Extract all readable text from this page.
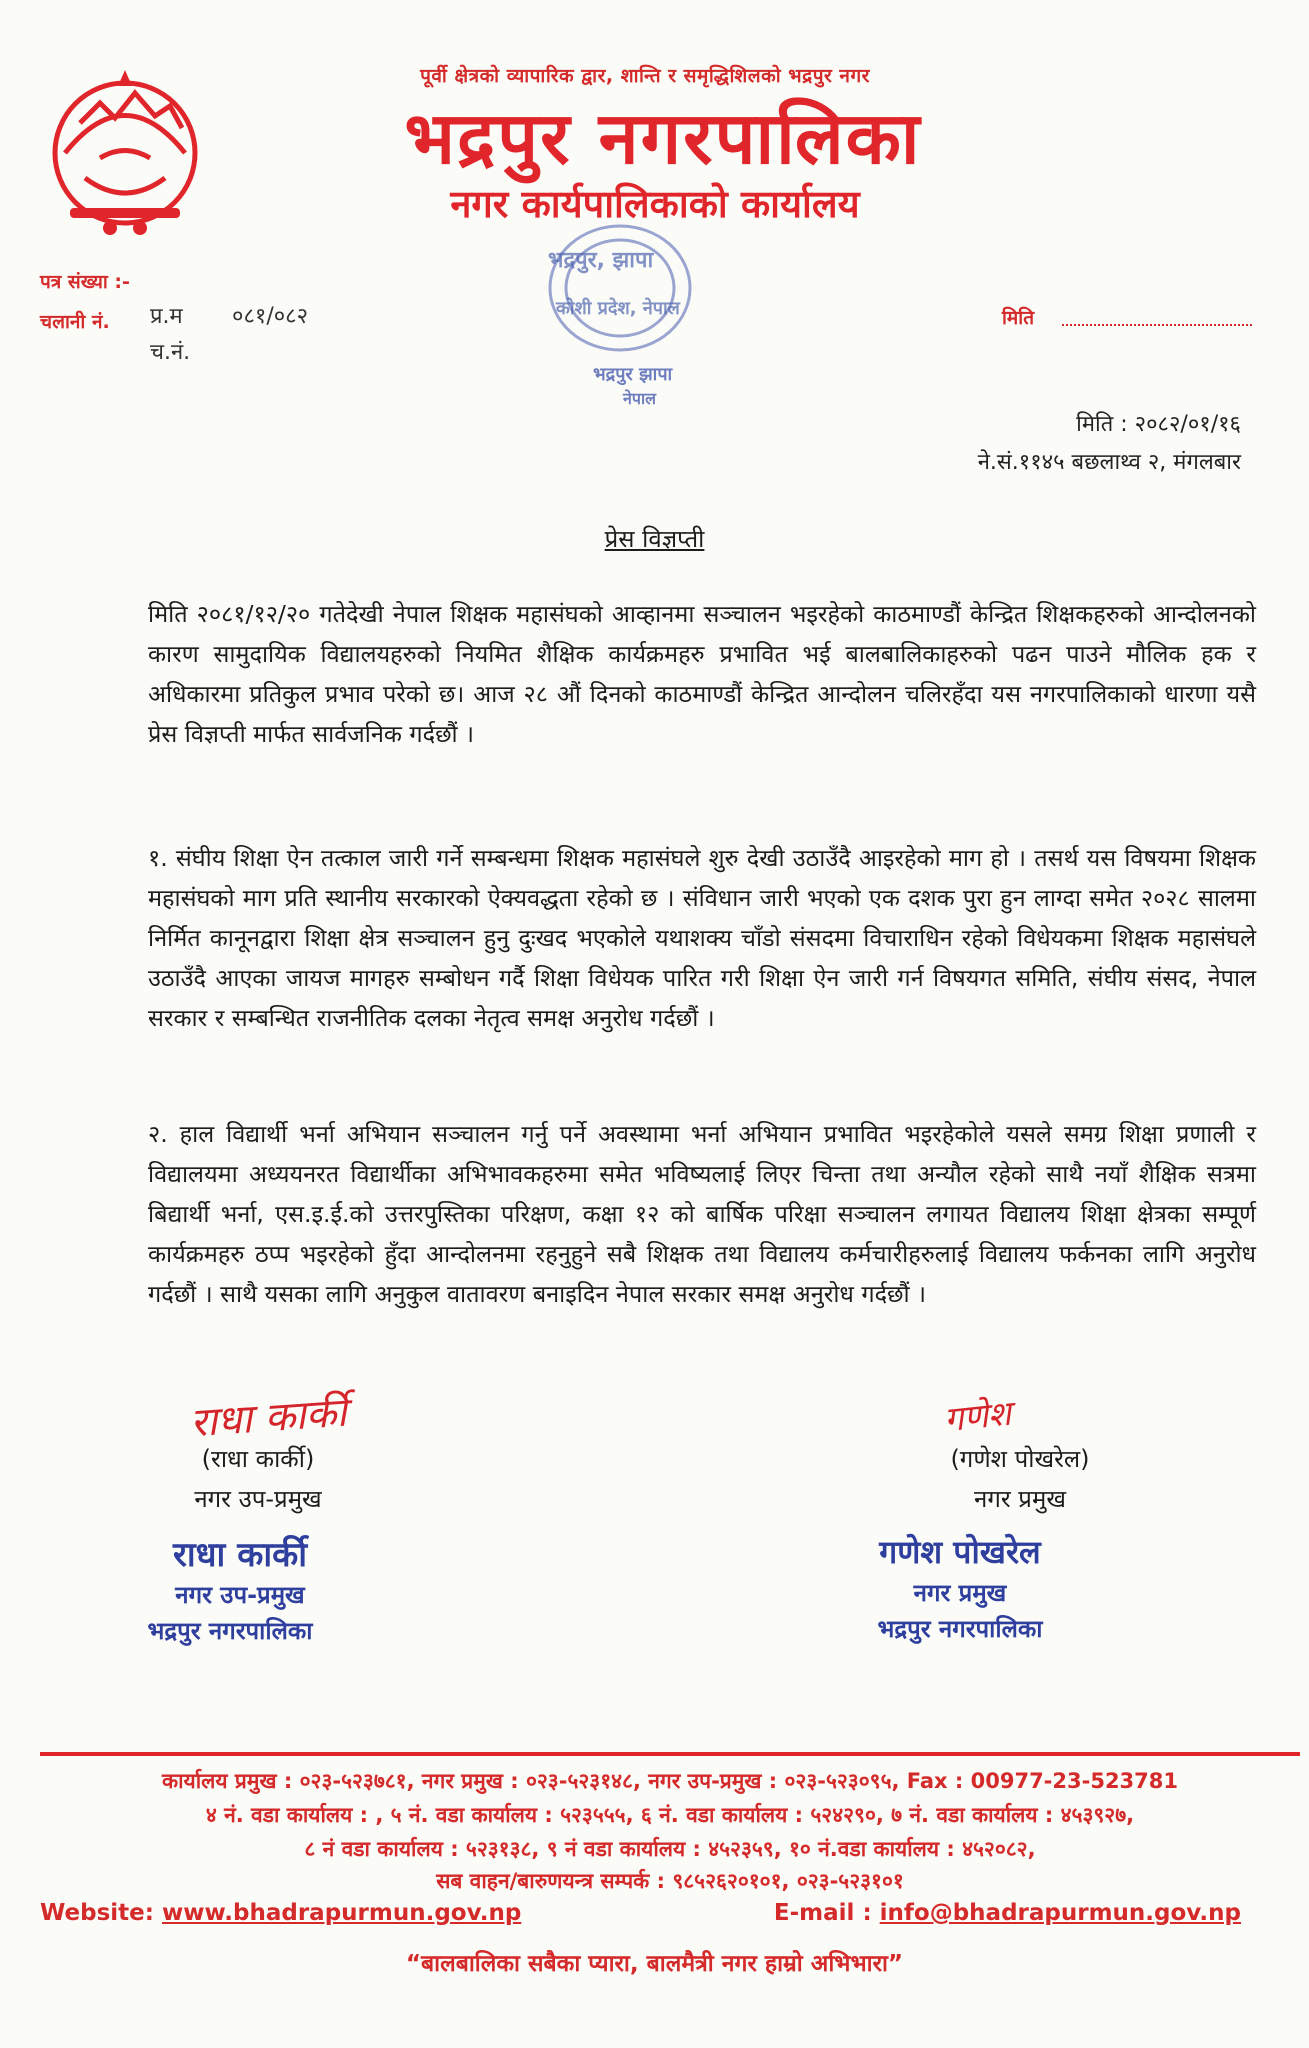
पूर्वी क्षेत्रको व्यापारिक द्वार, शान्ति र समृद्धिशिलको भद्रपुर नगर
भद्रपुर नगरपालिका
नगर कार्यपालिकाको कार्यालय
पत्र संख्या :-
चलानी नं. प्र.म ०८१/०८२
च.नं.
मिति
भद्रपुर, झापा
कोशी प्रदेश, नेपाल
भद्रपुर झापा
नेपाल
मिति : २०८२/०१/१६
ने.सं.११४५ बछलाथ्व २, मंगलबार
प्रेस विज्ञप्ती
मिति २०८१/१२/२० गतेदेखी नेपाल शिक्षक महासंघको आव्हानमा सञ्चालन भइरहेको काठमाण्डौं केन्द्रित शिक्षकहरुको आन्दोलनको कारण सामुदायिक विद्यालयहरुको नियमित शैक्षिक कार्यक्रमहरु प्रभावित भई बालबालिकाहरुको पढन पाउने मौलिक हक र अधिकारमा प्रतिकुल प्रभाव परेको छ। आज २८ औं दिनको काठमाण्डौं केन्द्रित आन्दोलन चलिरहँदा यस नगरपालिकाको धारणा यसै प्रेस विज्ञप्ती मार्फत सार्वजनिक गर्दछौं ।
१. संघीय शिक्षा ऐन तत्काल जारी गर्ने सम्बन्धमा शिक्षक महासंघले शुरु देखी उठाउँदै आइरहेको माग हो । तसर्थ यस विषयमा शिक्षक महासंघको माग प्रति स्थानीय सरकारको ऐक्यवद्धता रहेको छ । संविधान जारी भएको एक दशक पुरा हुन लाग्दा समेत २०२८ सालमा निर्मित कानूनद्वारा शिक्षा क्षेत्र सञ्चालन हुनु दुःखद भएकोले यथाशक्य चाँडो संसदमा विचाराधिन रहेको विधेयकमा शिक्षक महासंघले उठाउँदै आएका जायज मागहरु सम्बोधन गर्दै शिक्षा विधेयक पारित गरी शिक्षा ऐन जारी गर्न विषयगत समिति, संघीय संसद, नेपाल सरकार र सम्बन्धित राजनीतिक दलका नेतृत्व समक्ष अनुरोध गर्दछौं ।
२. हाल विद्यार्थी भर्ना अभियान सञ्चालन गर्नु पर्ने अवस्थामा भर्ना अभियान प्रभावित भइरहेकोले यसले समग्र शिक्षा प्रणाली र विद्यालयमा अध्ययनरत विद्यार्थीका अभिभावकहरुमा समेत भविष्यलाई लिएर चिन्ता तथा अन्यौल रहेको साथै नयाँ शैक्षिक सत्रमा बिद्यार्थी भर्ना, एस.इ.ई.को उत्तरपुस्तिका परिक्षण, कक्षा १२ को बार्षिक परिक्षा सञ्चालन लगायत विद्यालय शिक्षा क्षेत्रका सम्पूर्ण कार्यक्रमहरु ठप्प भइरहेको हुँदा आन्दोलनमा रहनुहुने सबै शिक्षक तथा विद्यालय कर्मचारीहरुलाई विद्यालय फर्कनका लागि अनुरोध गर्दछौं । साथै यसका लागि अनुकुल वातावरण बनाइदिन नेपाल सरकार समक्ष अनुरोध गर्दछौं ।
राधा कार्की
(राधा कार्की)
नगर उप-प्रमुख
राधा कार्की
नगर उप-प्रमुख
भद्रपुर नगरपालिका
गणेश
(गणेश पोखरेल)
नगर प्रमुख
गणेश पोखरेल
नगर प्रमुख
भद्रपुर नगरपालिका
कार्यालय प्रमुख : ०२३-५२३७८१, नगर प्रमुख : ०२३-५२३१४८, नगर उप-प्रमुख : ०२३-५२३०९५, Fax : 00977-23-523781
४ नं. वडा कार्यालय : , ५ नं. वडा कार्यालय : ५२३५५५, ६ नं. वडा कार्यालय : ५२४२९०, ७ नं. वडा कार्यालय : ४५३९२७,
८ नं वडा कार्यालय : ५२३१३८, ९ नं वडा कार्यालय : ४५२३५९, १० नं.वडा कार्यालय : ४५२०८२,
सब वाहन/बारुणयन्त्र सम्पर्क : ९८५२६२०१०१, ०२३-५२३१०१
Website: www.bhadrapurmun.gov.np	E-mail : info@bhadrapurmun.gov.np
“बालबालिका सबैका प्यारा, बालमैत्री नगर हाम्रो अभिभारा”
